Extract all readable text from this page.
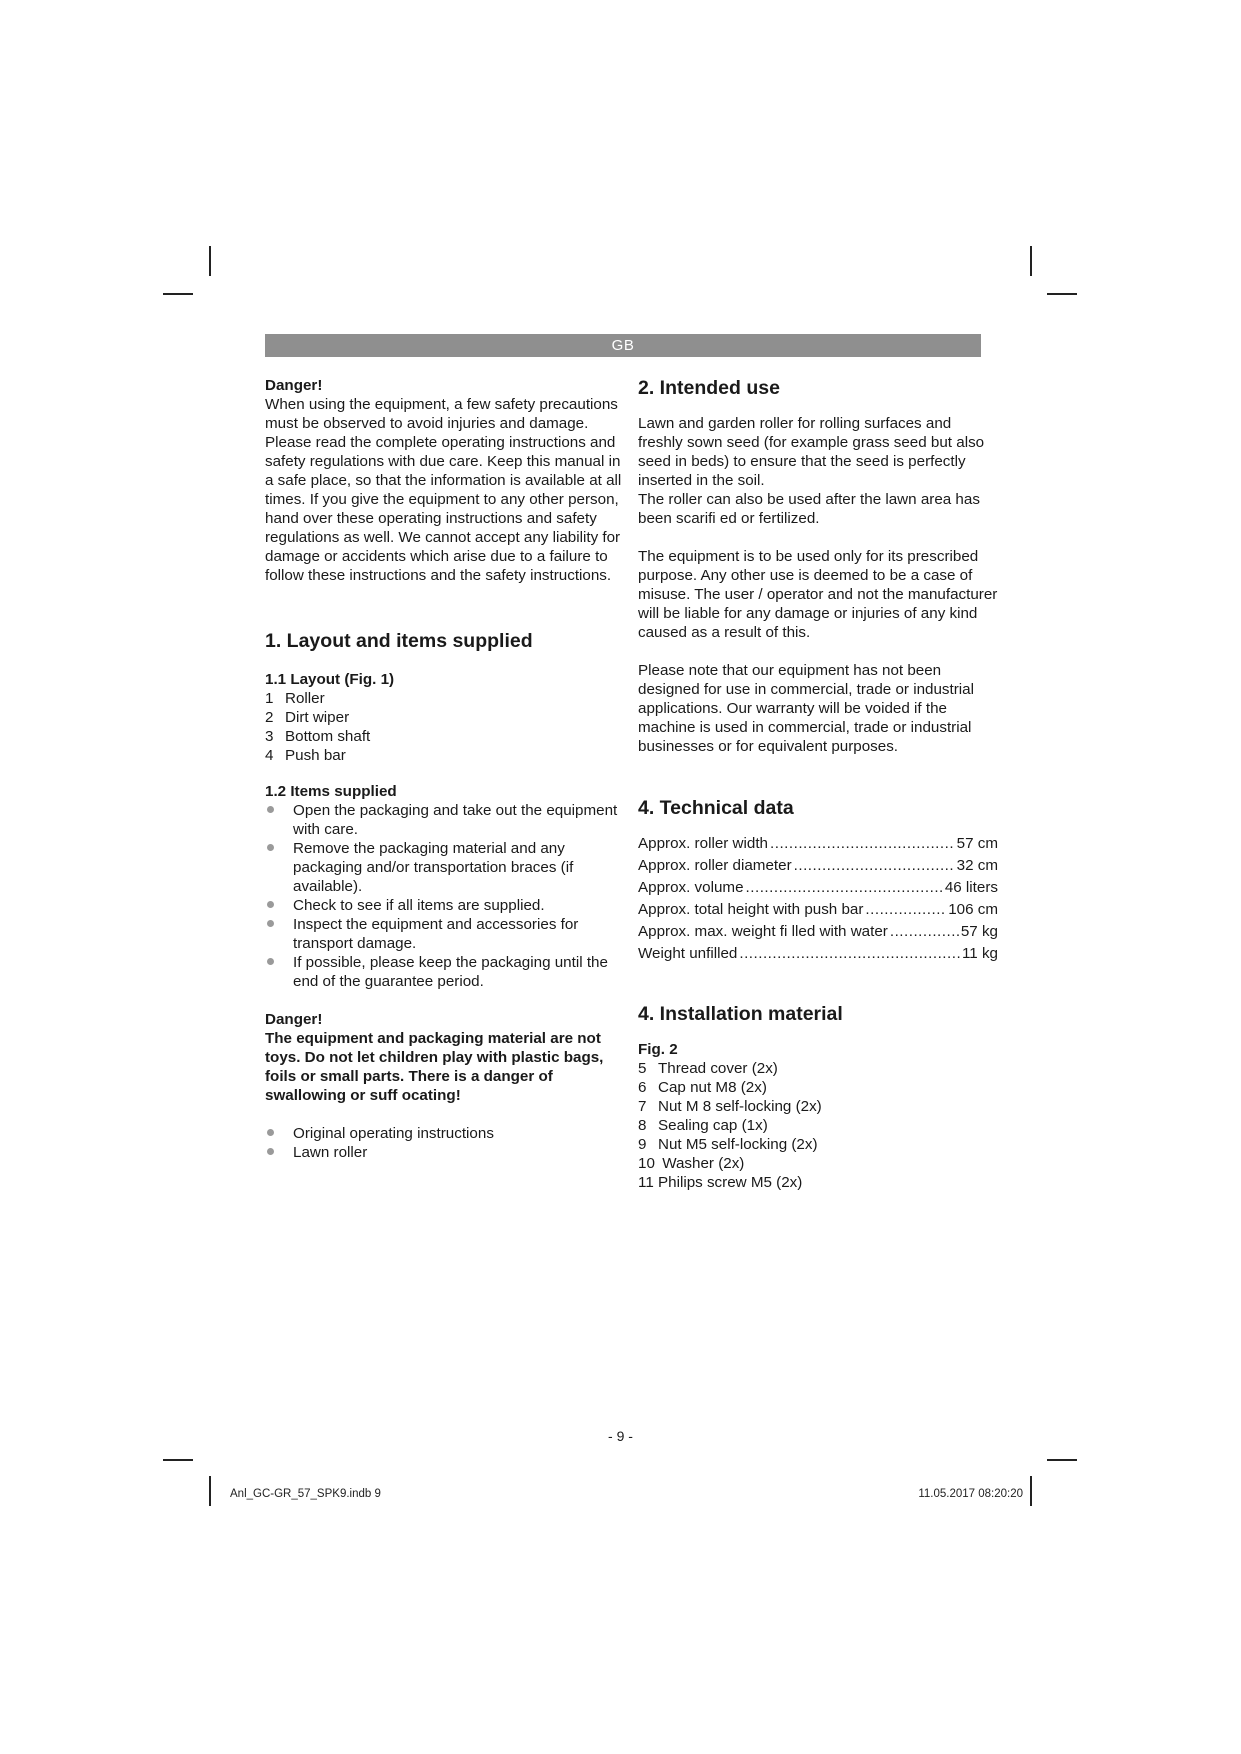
GB

Danger!

When using the equipment, a few safety precautions must be observed to avoid injuries and damage. Please read the complete operating instructions and safety regulations with due care. Keep this manual in a safe place, so that the information is available at all times. If you give the equipment to any other person, hand over these operating instructions and safety regulations as well. We cannot accept any liability for damage or accidents which arise due to a failure to follow these instructions and the safety instructions.

1. Layout and items supplied
1.1 Layout (Fig. 1)
1 Roller
2 Dirt wiper
3 Bottom shaft
4 Push bar
1.2 Items supplied
Open the packaging and take out the equipment with care.
Remove the packaging material and any packaging and/or transportation braces (if available).
Check to see if all items are supplied.
Inspect the equipment and accessories for transport damage.
If possible, please keep the packaging until the end of the guarantee period.

Danger!

The equipment and packaging material are not toys. Do not let children play with plastic bags, foils or small parts. There is a danger of swallowing or suff ocating!

Original operating instructions
Lawn roller
2. Intended use

Lawn and garden roller for rolling surfaces and freshly sown seed (for example grass seed but also seed in beds) to ensure that the seed is perfectly inserted in the soil.

The roller can also be used after the lawn area has been scarifi ed or fertilized.

The equipment is to be used only for its prescribed purpose. Any other use is deemed to be a case of misuse. The user / operator and not the manufacturer will be liable for any damage or injuries of any kind caused as a result of this.

Please note that our equipment has not been designed for use in commercial, trade or industrial applications. Our warranty will be voided if the machine is used in commercial, trade or industrial businesses or for equivalent purposes.

4. Technical data
Approx. roller width .....	57 cm
Approx. roller diameter .....	32 cm
Approx. volume .....	46 liters
Approx. total height with push bar .....	106 cm
Approx. max. weight fi lled with water .....	57 kg
Weight unfilled .....	11 kg
4. Installation material
Fig. 2
5 Thread cover (2x)
6 Cap nut M8 (2x)
7 Nut M 8 self-locking (2x)
8 Sealing cap (1x)
9 Nut M5 self-locking (2x)
10 Washer (2x)
11 Philips screw M5 (2x)
- 9 -
Anl_GC-GR_57_SPK9.indb 9	11.05.2017 08:20:20
